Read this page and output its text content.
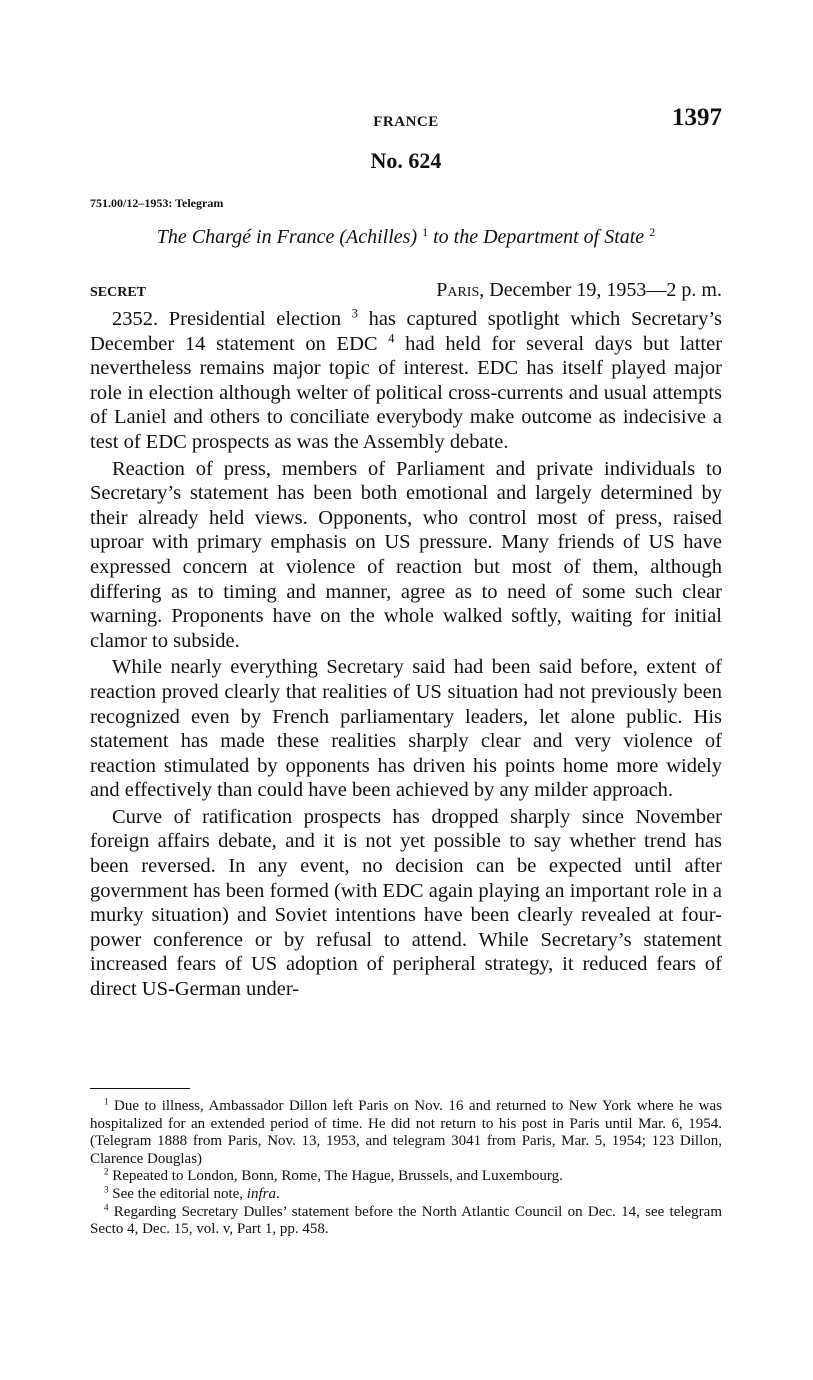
FRANCE	1397
No. 624
751.00/12–1953: Telegram
The Chargé in France (Achilles) $^1$ to the Department of State $^2$
SECRET	Paris, December 19, 1953—2 p. m.

2352. Presidential election $^3$ has captured spotlight which Secretary’s December 14 statement on EDC $^4$ had held for several days but latter nevertheless remains major topic of interest. EDC has itself played major role in election although welter of political cross-currents and usual attempts of Laniel and others to conciliate everybody make outcome as indecisive a test of EDC prospects as was the Assembly debate.

Reaction of press, members of Parliament and private individuals to Secretary’s statement has been both emotional and largely determined by their already held views. Opponents, who control most of press, raised uproar with primary emphasis on US pressure. Many friends of US have expressed concern at violence of reaction but most of them, although differing as to timing and manner, agree as to need of some such clear warning. Proponents have on the whole walked softly, waiting for initial clamor to subside.

While nearly everything Secretary said had been said before, extent of reaction proved clearly that realities of US situation had not previously been recognized even by French parliamentary leaders, let alone public. His statement has made these realities sharply clear and very violence of reaction stimulated by opponents has driven his points home more widely and effectively than could have been achieved by any milder approach.

Curve of ratification prospects has dropped sharply since November foreign affairs debate, and it is not yet possible to say whether trend has been reversed. In any event, no decision can be expected until after government has been formed (with EDC again playing an important role in a murky situation) and Soviet intentions have been clearly revealed at four-power conference or by refusal to attend. While Secretary’s statement increased fears of US adoption of peripheral strategy, it reduced fears of direct US-German under-

$^1$ Due to illness, Ambassador Dillon left Paris on Nov. 16 and returned to New York where he was hospitalized for an extended period of time. He did not return to his post in Paris until Mar. 6, 1954. (Telegram 1888 from Paris, Nov. 13, 1953, and telegram 3041 from Paris, Mar. 5, 1954; 123 Dillon, Clarence Douglas)

$^2$ Repeated to London, Bonn, Rome, The Hague, Brussels, and Luxembourg.

$^3$ See the editorial note, infra.

$^4$ Regarding Secretary Dulles’ statement before the North Atlantic Council on Dec. 14, see telegram Secto 4, Dec. 15, vol. v, Part 1, pp. 458.
